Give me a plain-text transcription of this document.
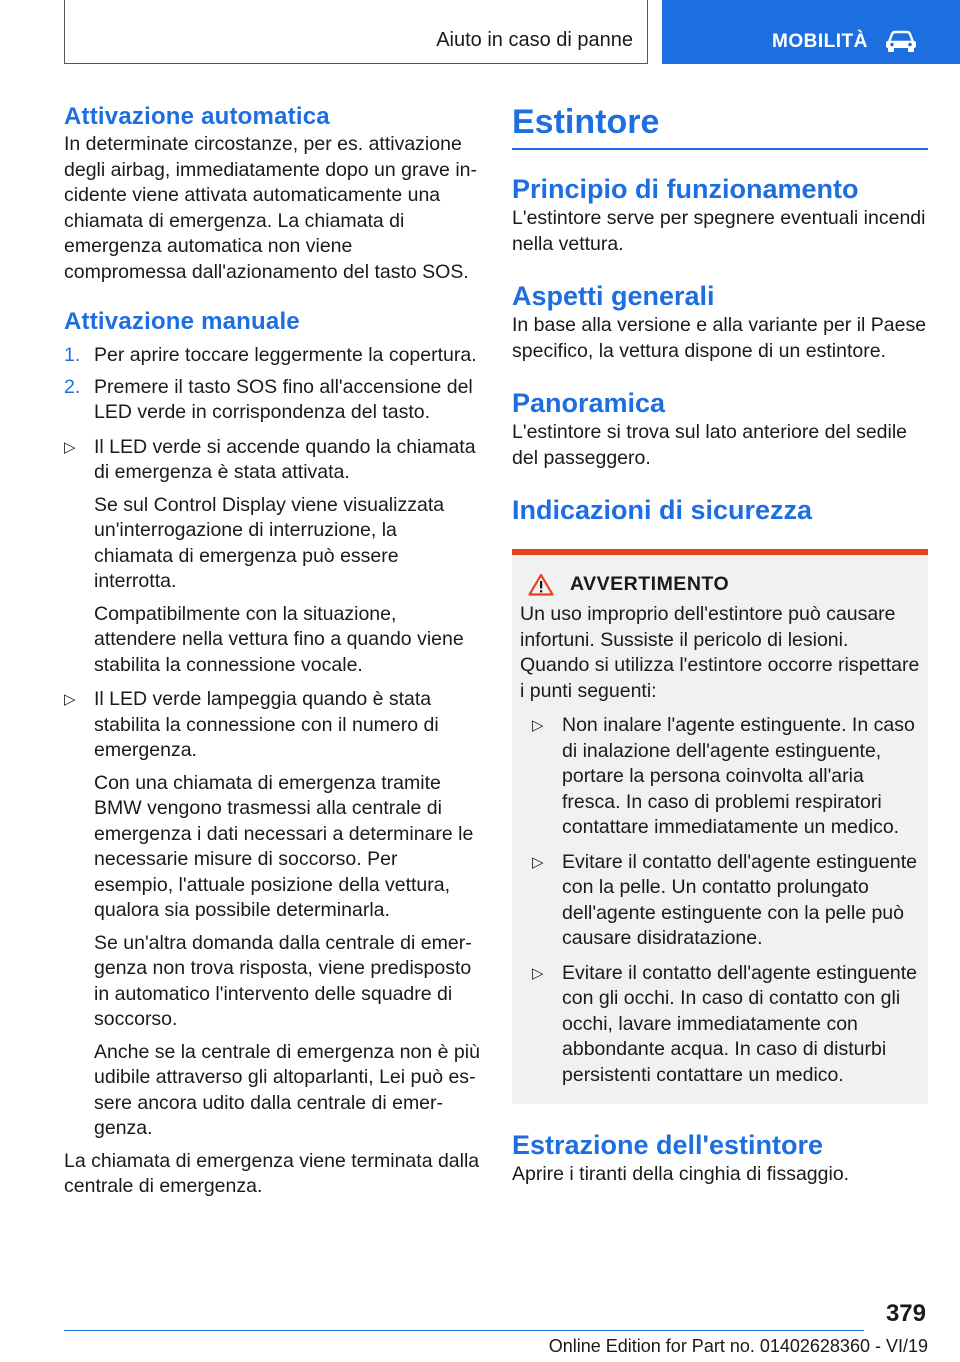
Aiuto in caso di panne	MOBILITÀ
Attivazione automatica

In determinate circostanze, per es. attivazione degli airbag, immediatamente dopo un grave incidente viene attivata automaticamente una chiamata di emergenza. La chiamata di emergenza automatica non viene compromessa dall'azionamento del tasto SOS.

Attivazione manuale
1. Per aprire toccare leggermente la copertura.

2. Premere il tasto SOS fino all'accensione del LED verde in corrispondenza del tasto.

▷ Il LED verde si accende quando la chiamata di emergenza è stata attivata.

Se sul Control Display viene visualizzata un'interrogazione di interruzione, la chiamata di emergenza può essere interrotta.

Compatibilmente con la situazione, attendere nella vettura fino a quando viene stabilita la connessione vocale.

▷ Il LED verde lampeggia quando è stata stabilita la connessione con il numero di emergenza.

Con una chiamata di emergenza tramite BMW vengono trasmessi alla centrale di emergenza i dati necessari a determinare le necessarie misure di soccorso. Per esempio, l'attuale posizione della vettura, qualora sia possibile determinarla.

Se un'altra domanda dalla centrale di emergenza non trova risposta, viene predisposto in automatico l'intervento delle squadre di soccorso.

Anche se la centrale di emergenza non è più udibile attraverso gli altoparlanti, Lei può essere ancora udito dalla centrale di emergenza.

La chiamata di emergenza viene terminata dalla centrale di emergenza.

Estintore
Principio di funzionamento

L'estintore serve per spegnere eventuali incendi nella vettura.

Aspetti generali

In base alla versione e alla variante per il Paese specifico, la vettura dispone di un estintore.

Panoramica

L'estintore si trova sul lato anteriore del sedile del passeggero.

Indicazioni di sicurezza
AVVERTIMENTO

Un uso improprio dell'estintore può causare infortuni. Sussiste il pericolo di lesioni. Quando si utilizza l'estintore occorre rispettare i punti seguenti:

▷ Non inalare l'agente estinguente. In caso di inalazione dell'agente estinguente, portare la persona coinvolta all'aria fresca. In caso di problemi respiratori contattare immediatamente un medico.

▷ Evitare il contatto dell'agente estinguente con la pelle. Un contatto prolungato dell'agente estinguente con la pelle può causare disidratazione.

▷ Evitare il contatto dell'agente estinguente con gli occhi. In caso di contatto con gli occhi, lavare immediatamente con abbondante acqua. In caso di disturbi persistenti contattare un medico.

Estrazione dell'estintore

Aprire i tiranti della cinghia di fissaggio.

379
Online Edition for Part no. 01402628360 - VI/19
